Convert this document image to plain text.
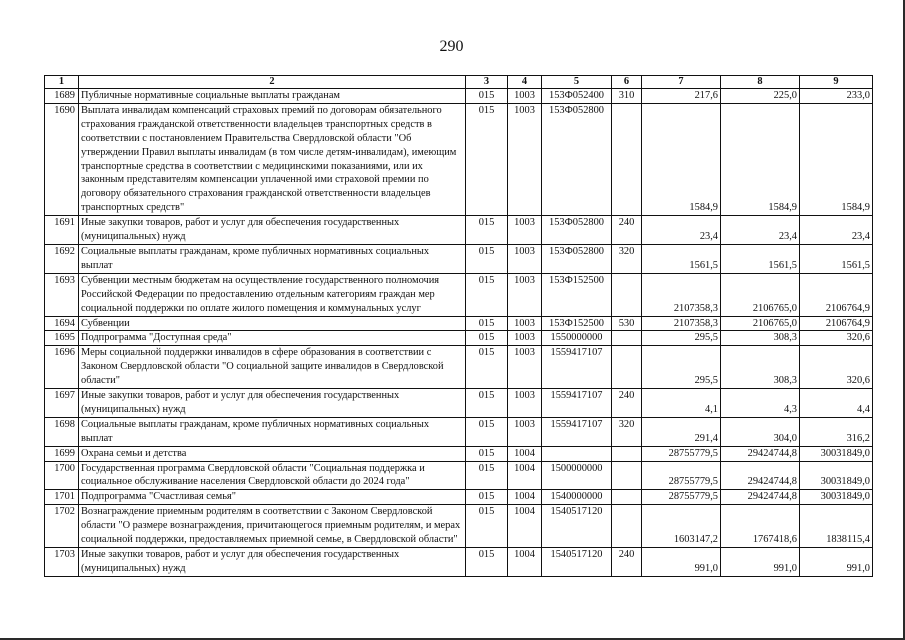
290
1	2	3	4	5	6	7	8	9
1689	Публичные нормативные социальные выплаты гражданам	015	1003	153Ф052400	310	217,6	225,0	233,0
1690	Выплата инвалидам компенсаций страховых премий по договорам обязательного страхования гражданской ответственности владельцев транспортных средств в соответствии с постановлением Правительства Свердловской области "Об утверждении Правил выплаты инвалидам (в том числе детям-инвалидам), имеющим транспортные средства в соответствии с медицинскими показаниями, или их законным представителям компенсации уплаченной ими страховой премии по договору обязательного страхования гражданской ответственности владельцев транспортных средств"	015	1003	153Ф052800		1584,9	1584,9	1584,9
1691	Иные закупки товаров, работ и услуг для обеспечения государственных (муниципальных) нужд	015	1003	153Ф052800	240	23,4	23,4	23,4
1692	Социальные выплаты гражданам, кроме публичных нормативных социальных выплат	015	1003	153Ф052800	320	1561,5	1561,5	1561,5
1693	Субвенции местным бюджетам на осуществление государственного полномочия Российской Федерации по предоставлению отдельным категориям граждан мер социальной поддержки по оплате жилого помещения и коммунальных услуг	015	1003	153Ф152500		2107358,3	2106765,0	2106764,9
1694	Субвенции	015	1003	153Ф152500	530	2107358,3	2106765,0	2106764,9
1695	Подпрограмма "Доступная среда"	015	1003	1550000000		295,5	308,3	320,6
1696	Меры социальной поддержки инвалидов в сфере образования в соответствии с Законом Свердловской области "О социальной защите инвалидов в Свердловской области"	015	1003	1559417107		295,5	308,3	320,6
1697	Иные закупки товаров, работ и услуг для обеспечения государственных (муниципальных) нужд	015	1003	1559417107	240	4,1	4,3	4,4
1698	Социальные выплаты гражданам, кроме публичных нормативных социальных выплат	015	1003	1559417107	320	291,4	304,0	316,2
1699	Охрана семьи и детства	015	1004			28755779,5	29424744,8	30031849,0
1700	Государственная программа Свердловской области "Социальная поддержка и социальное обслуживание населения Свердловской области до 2024 года"	015	1004	1500000000		28755779,5	29424744,8	30031849,0
1701	Подпрограмма "Счастливая семья"	015	1004	1540000000		28755779,5	29424744,8	30031849,0
1702	Вознаграждение приемным родителям в соответствии с Законом Свердловской области "О размере вознаграждения, причитающегося приемным родителям, и мерах социальной поддержки, предоставляемых приемной семье, в Свердловской области"	015	1004	1540517120		1603147,2	1767418,6	1838115,4
1703	Иные закупки товаров, работ и услуг для обеспечения государственных (муниципальных) нужд	015	1004	1540517120	240	991,0	991,0	991,0
